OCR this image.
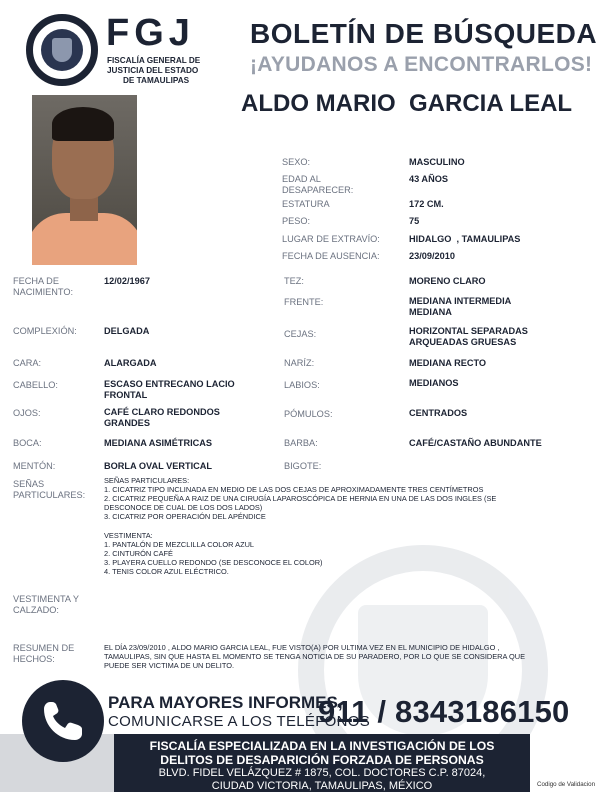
FGJ
FISCALÍA GENERAL DE
JUSTICIA DEL ESTADO
DE TAMAULIPAS
BOLETÍN DE BÚSQUEDA
¡AYUDANOS A ENCONTRARLOS!
ALDO MARIO  GARCIA LEAL
SEXO:	MASCULINO
EDAD AL
DESAPARECER:
43 AÑOS
ESTATURA	172 CM.
PESO:	75
LUGAR DE EXTRAVÍO:	HIDALGO  , TAMAULIPAS
FECHA DE AUSENCIA:	23/09/2010
TEZ:	MORENO CLARO
FRENTE:	MEDIANA INTERMEDIA
MEDIANA
CEJAS:	HORIZONTAL SEPARADAS
ARQUEADAS GRUESAS
NARÍZ:	MEDIANA RECTO
LABIOS:	MEDIANOS
PÓMULOS:	CENTRADOS
BARBA:	CAFÉ/CASTAÑO ABUNDANTE
BIGOTE:
FECHA DE
NACIMIENTO:
12/02/1967
COMPLEXIÓN:	DELGADA
CARA:	ALARGADA
CABELLO:	ESCASO ENTRECANO LACIO
FRONTAL
OJOS:	CAFÉ CLARO REDONDOS
GRANDES
BOCA:	MEDIANA ASIMÉTRICAS
MENTÓN:	BORLA OVAL VERTICAL
SEÑAS
PARTICULARES:
SEÑAS PARTICULARES:
1. CICATRIZ TIPO INCLINADA EN MEDIO DE LAS DOS CEJAS DE APROXIMADAMENTE TRES CENTÍMETROS
2. CICATRIZ PEQUEÑA A RAIZ DE UNA CIRUGÍA LAPAROSCÓPICA DE HERNIA EN UNA DE LAS DOS INGLES (SE
DESCONOCE DE CUAL DE LOS DOS LADOS)
3. CICATRIZ POR OPERACIÓN DEL APÉNDICE
VESTIMENTA:
1. PANTALÓN DE MEZCLILLA COLOR AZUL
2. CINTURÓN CAFÉ
3. PLAYERA CUELLO REDONDO (SE DESCONOCE EL COLOR)
4. TENIS COLOR AZUL ELÉCTRICO.
VESTIMENTA Y
CALZADO:
RESUMEN DE
HECHOS:
EL DÍA 23/09/2010 , ALDO MARIO GARCIA LEAL, FUE VISTO(A) POR ULTIMA VEZ EN EL MUNICIPIO DE HIDALGO ,
TAMAULIPAS, SIN QUE HASTA EL MOMENTO SE TENGA NOTICIA DE SU PARADERO, POR LO QUE SE CONSIDERA QUE
PUEDE SER VICTIMA DE UN DELITO.
PARA MAYORES INFORMES,
COMUNICARSE A LOS TELÉFONOS
911 / 8343186150
FISCALÍA ESPECIALIZADA EN LA INVESTIGACIÓN DE LOS
DELITOS DE DESAPARICIÓN FORZADA DE PERSONAS
BLVD. FIDEL VELÁZQUEZ # 1875, COL. DOCTORES C.P. 87024,
CIUDAD VICTORIA, TAMAULIPAS, MÉXICO	Codigo de Validacion
